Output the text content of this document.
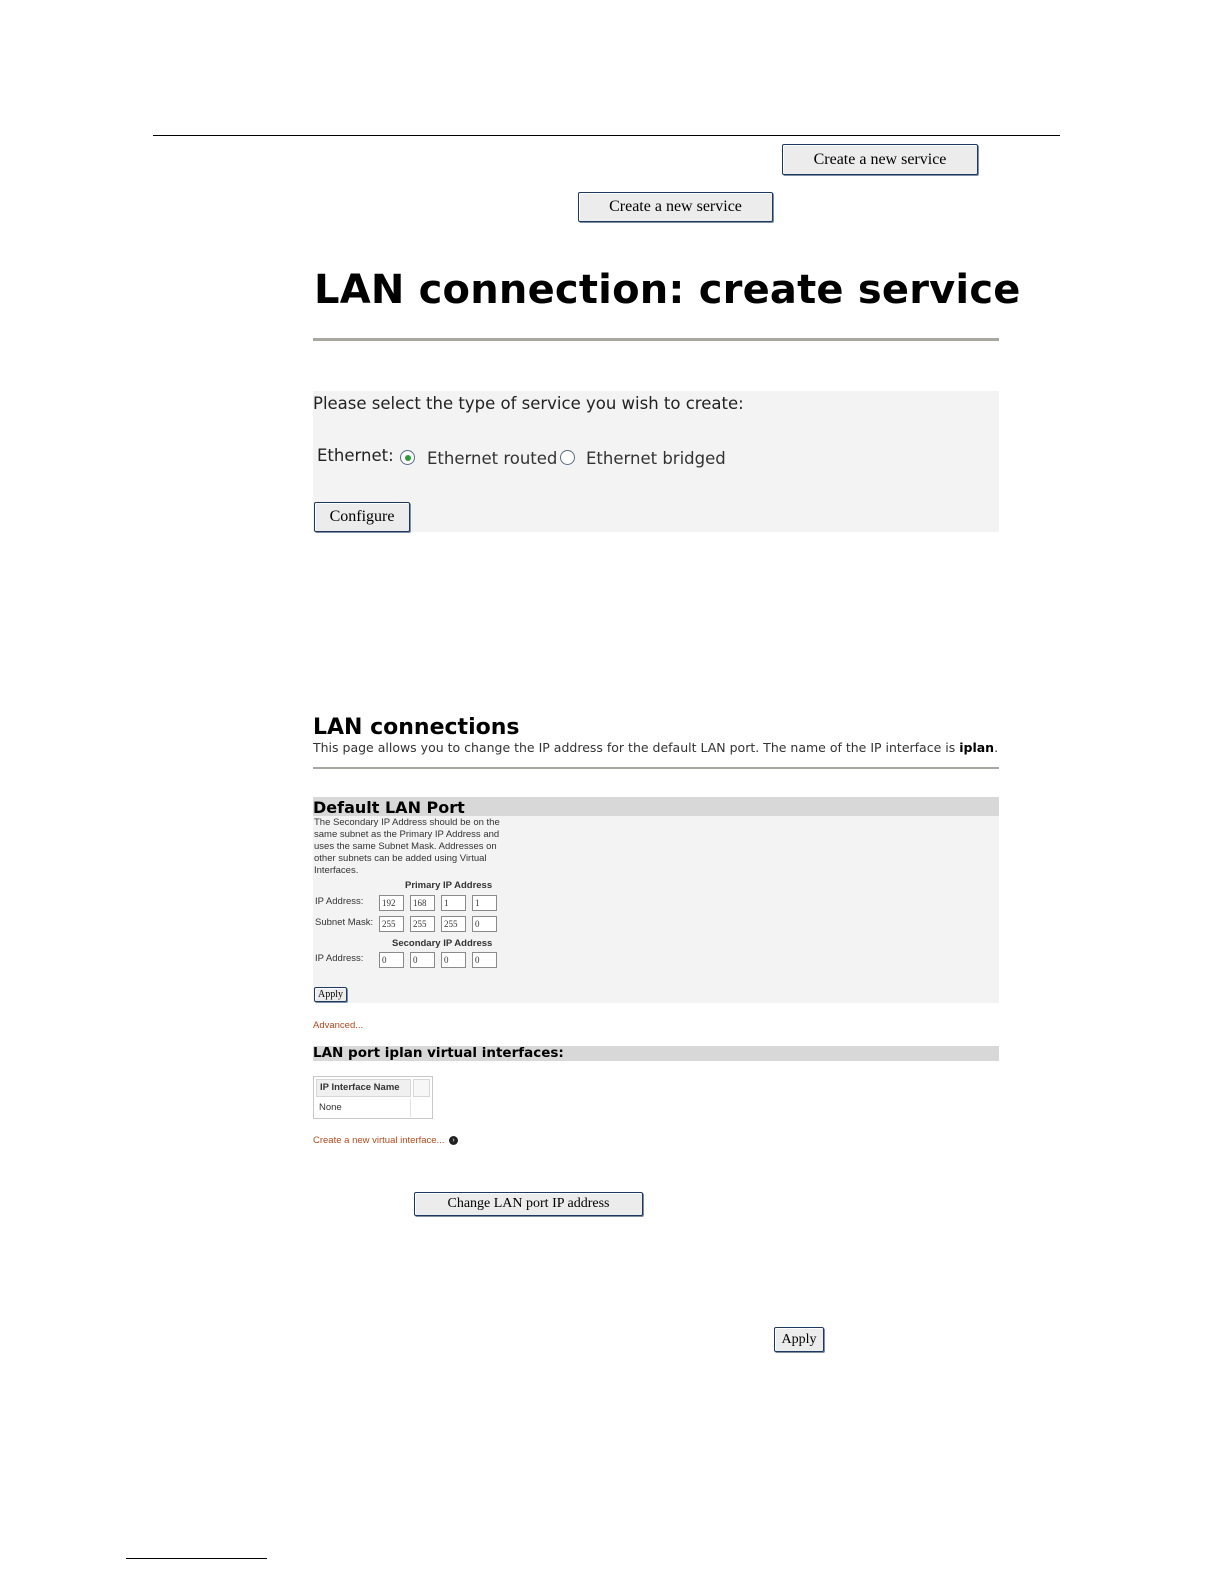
Create a new service
Create a new service
LAN connection: create service
Please select the type of service you wish to create:
Ethernet: Ethernet routed Ethernet bridged
Configure
LAN connections
This page allows you to change the IP address for the default LAN port. The name of the IP interface is iplan.
Default LAN Port
The Secondary IP Address should be on the same subnet as the Primary IP Address and uses the same Subnet Mask. Addresses on other subnets can be added using Virtual Interfaces.
Primary IP Address
IP Address:
192
168
1
1
Subnet Mask:
255
255
255
0
Secondary IP Address
IP Address:
0
0
0
0
Apply
Advanced...
LAN port iplan virtual interfaces:
IP Interface Name
None
Create a new virtual interface...	›
Change LAN port IP address
Apply
